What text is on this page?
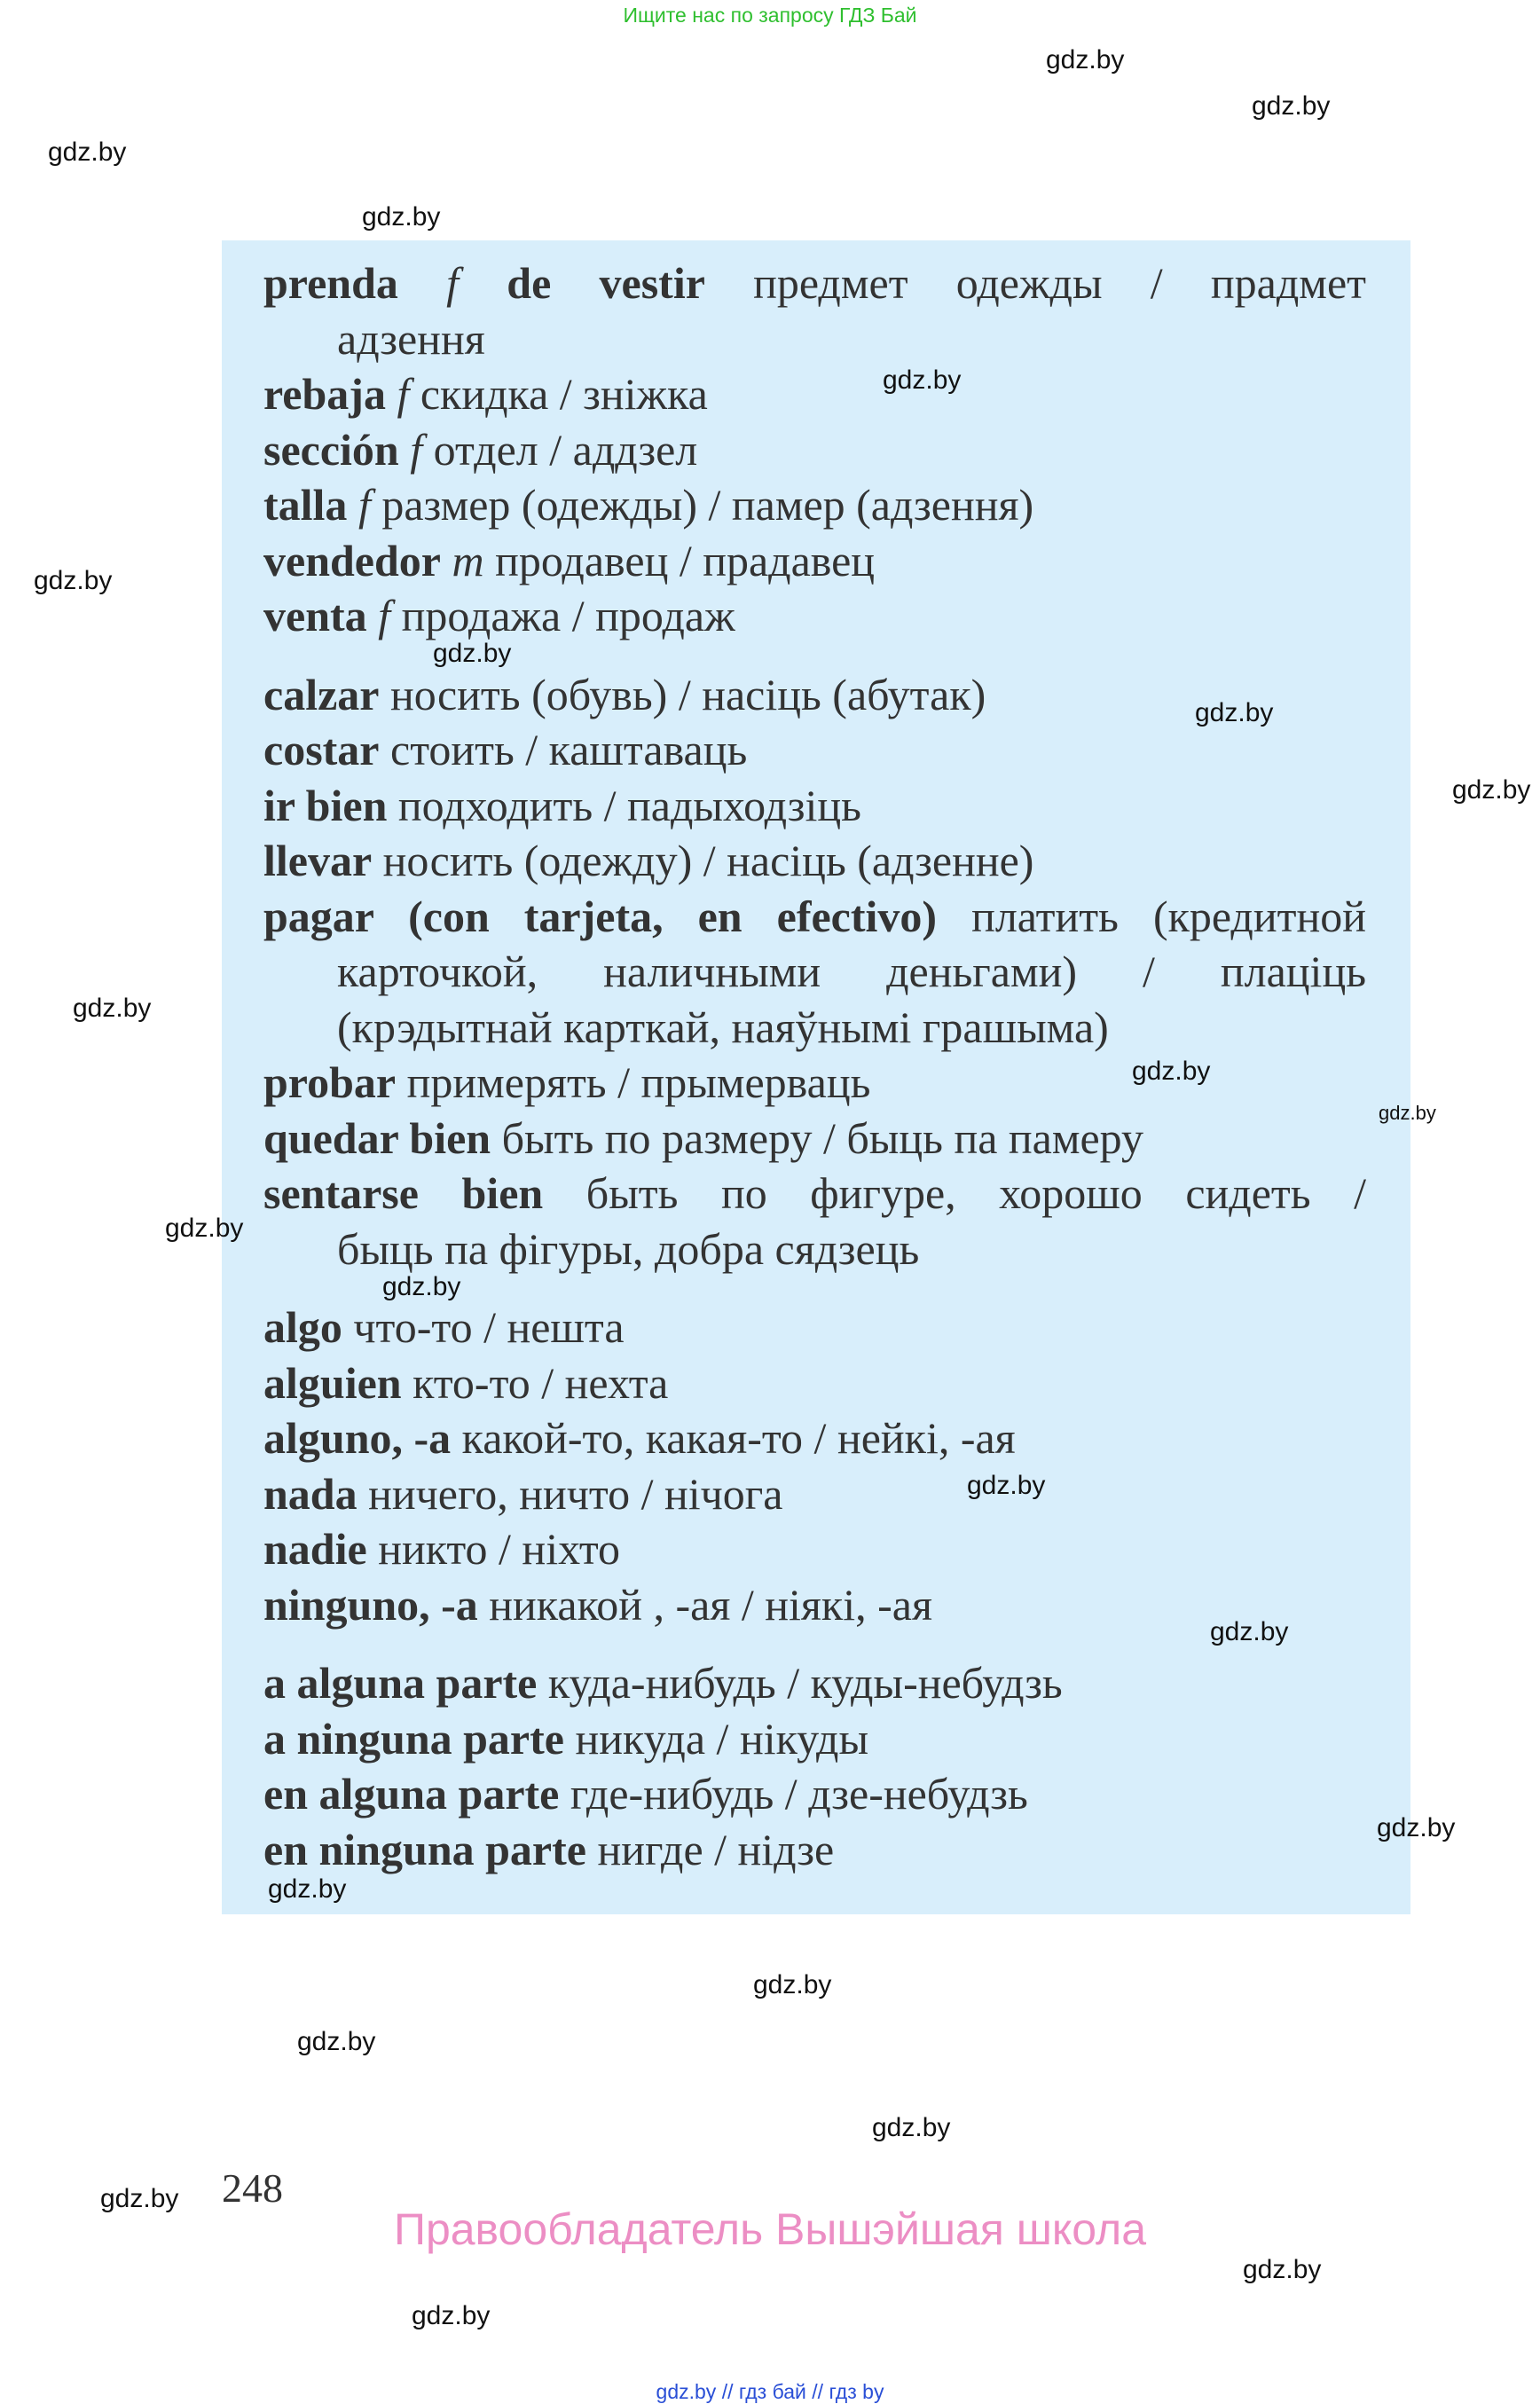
Ищите нас по запросу ГДЗ Бай
prenda f de vestir предмет одежды / прадмет
адзення
rebaja f скидка / зніжка
sección f отдел / аддзел
talla f размер (одежды) / памер (адзення)
vendedor m продавец / прадавец
venta f продажа / продаж
calzar носить (обувь) / насіць (абутак)
costar стоить / каштаваць
ir bien подходить / падыходзіць
llevar носить (одежду) / насіць (адзенне)
pagar (con tarjeta, en efectivo) платить (кредитной
карточкой, наличными деньгами) / плаціць
(крэдытнай карткай, наяўнымі грашыма)
probar примерять / прымерваць
quedar bien быть по размеру / быць па памеру
sentarse bien быть по фигуре, хорошо сидеть /
быць па фігуры, добра сядзець
algo что-то / нешта
alguien кто-то / нехта
alguno, -a какой-то, какая-то / нейкі, -ая
nada ничего, ничто / нічога
nadie никто / ніхто
ninguno, -a никакой , -ая / ніякі, -ая
a alguna parte куда-нибудь / куды-небудзь
a ninguna parte никуда / нікуды
en alguna parte где-нибудь / дзе-небудзь
en ninguna parte нигде / нідзе
gdz.by
gdz.by
gdz.by
gdz.by
gdz.by
gdz.by
gdz.by
gdz.by
gdz.by
gdz.by
gdz.by
gdz.by
gdz.by
gdz.by
gdz.by
gdz.by
gdz.by
gdz.by
gdz.by
gdz.by
gdz.by
gdz.by
gdz.by
gdz.by
248
Правообладатель Вышэйшая школа
gdz.by // гдз бай // гдз by
